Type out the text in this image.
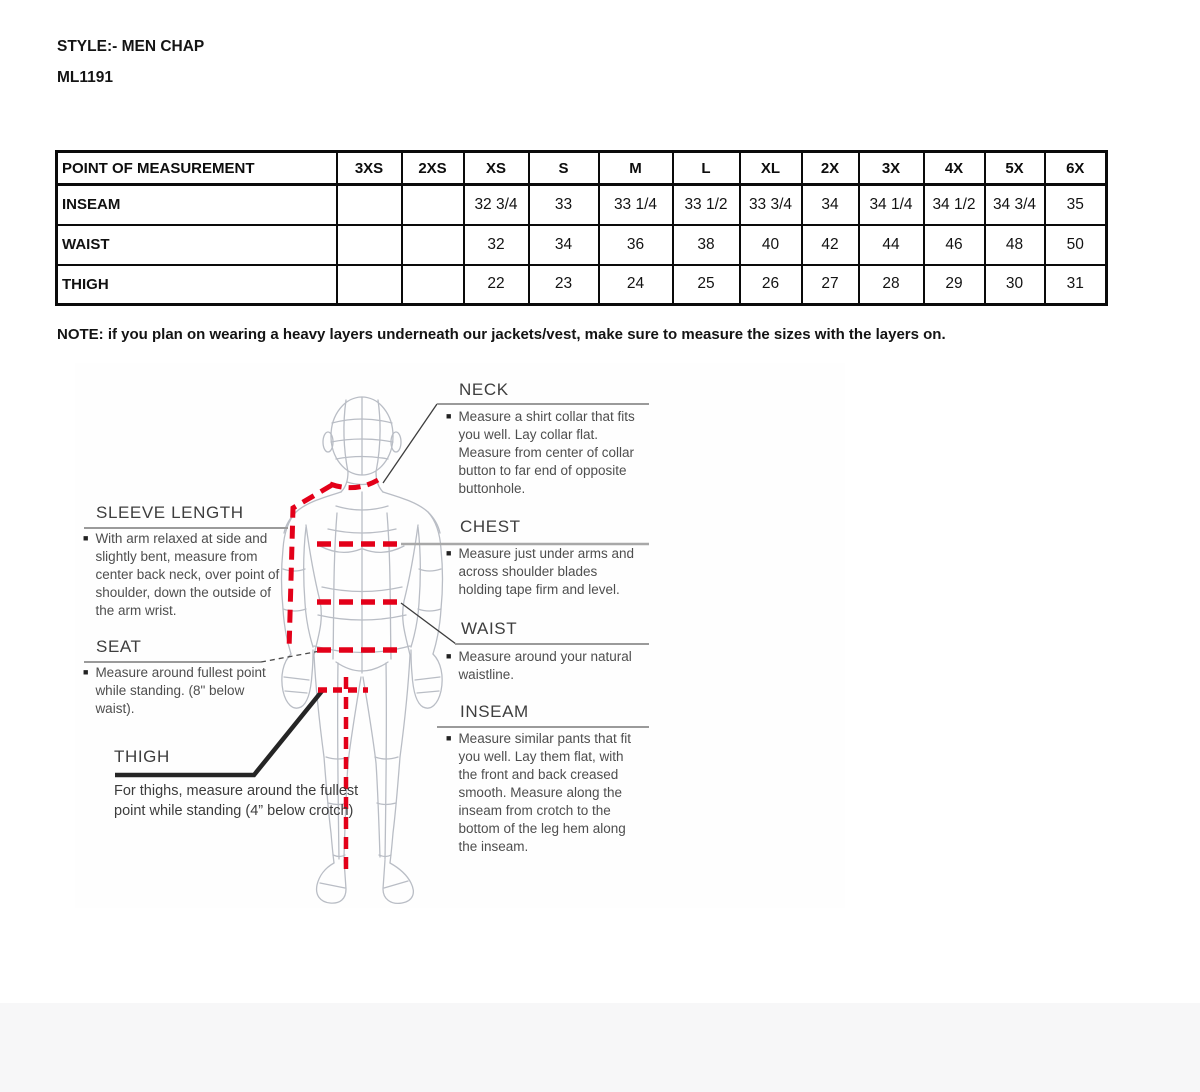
STYLE:- MEN CHAP
ML1191
POINT OF MEASUREMENT	3XS	2XS	XS	S	M	L	XL	2X	3X	4X	5X	6X
INSEAM			32 3/4	33	33 1/4	33 1/2	33 3/4	34	34 1/4	34 1/2	34 3/4	35
WAIST			32	34	36	38	40	42	44	46	48	50
THIGH			22	23	24	25	26	27	28	29	30	31
NOTE: if you plan on wearing a heavy layers underneath our jackets/vest, make sure to measure the sizes with the layers on.
NECK
■ Measure a shirt collar that fits you well. Lay collar flat. Measure from center of collar button to far end of opposite buttonhole.
CHEST
■ Measure just under arms and across shoulder blades holding tape firm and level.
WAIST
■ Measure around your natural waistline.
INSEAM
■ Measure similar pants that fit you well. Lay them flat, with the front and back creased smooth. Measure along the inseam from crotch to the bottom of the leg hem along the inseam.
SLEEVE LENGTH
■ With arm relaxed at side and slightly bent, measure from center back neck, over point of shoulder, down the outside of the arm wrist.
SEAT
■ Measure around fullest point while standing. (8" below waist).
THIGH
For thighs, measure around the fullest point while standing (4” below crotch)
